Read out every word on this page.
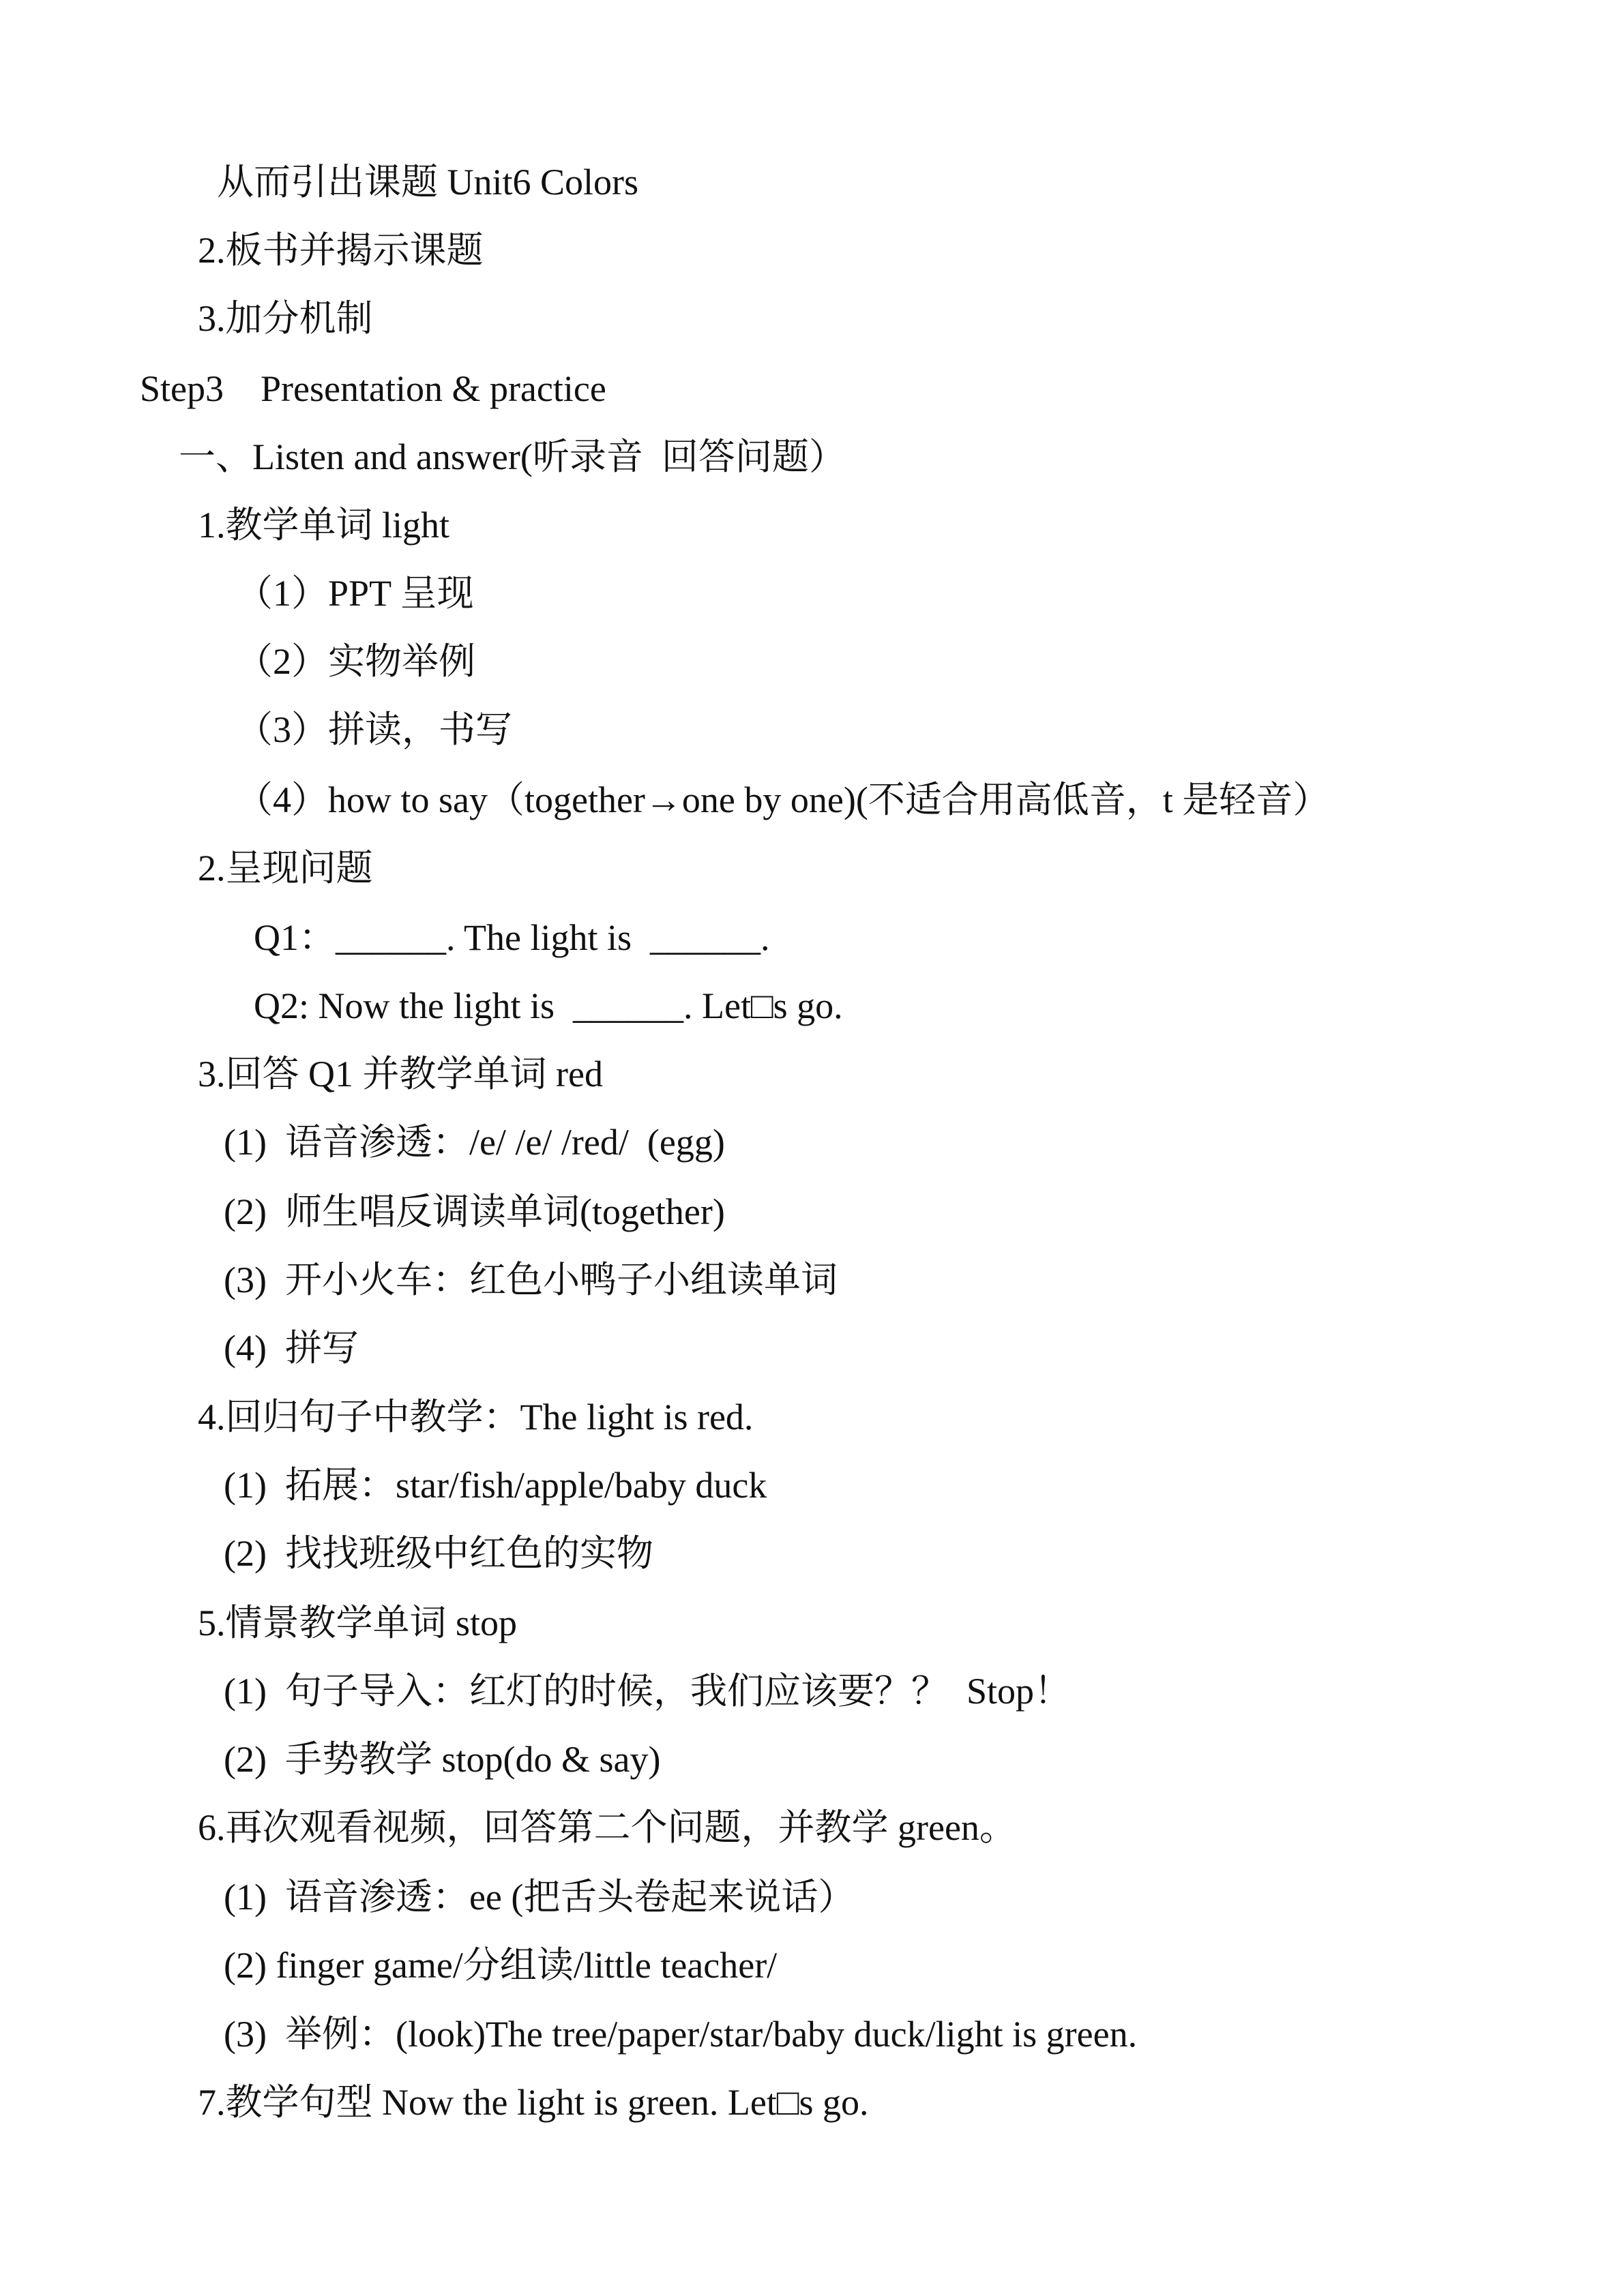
从而引出课题 Unit6 Colors
2.板书并揭示课题
3.加分机制
Step3    Presentation & practice
一、Listen and answer(听录音  回答问题）
1.教学单词 light
（1）PPT 呈现
（2）实物举例
（3）拼读，书写
（4）how to say（together→one by one)(不适合用高低音，t 是轻音）
2.呈现问题
Q1：______. The light is  ______.
Q2: Now the light is  ______. Let□s go.
3.回答 Q1 并教学单词 red
(1)  语音渗透：/e/ /e/ /red/  (egg)
(2)  师生唱反调读单词(together)
(3)  开小火车：红色小鸭子小组读单词
(4)  拼写
4.回归句子中教学：The light is red.
(1)  拓展：star/fish/apple/baby duck
(2)  找找班级中红色的实物
5.情景教学单词 stop
(1)  句子导入：红灯的时候，我们应该要？？  Stop！
(2)  手势教学 stop(do & say)
6.再次观看视频，回答第二个问题，并教学 green。
(1)  语音渗透：ee (把舌头卷起来说话）
(2) finger game/分组读/little teacher/
(3)  举例：(look)The tree/paper/star/baby duck/light is green.
7.教学句型 Now the light is green. Let□s go.
